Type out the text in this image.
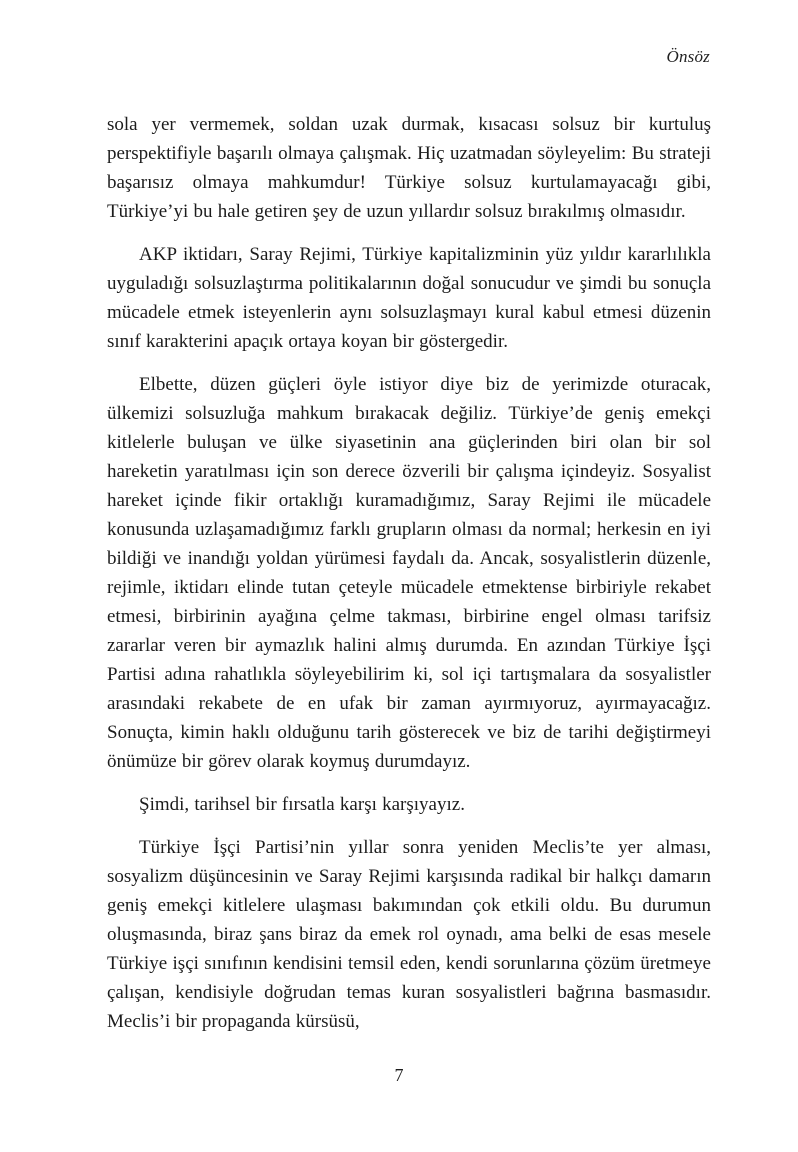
Önsöz

sola yer vermemek, soldan uzak durmak, kısacası solsuz bir kurtuluş perspektifiyle başarılı olmaya çalışmak. Hiç uzatmadan söyleyelim: Bu strateji başarısız olmaya mahkumdur! Türkiye solsuz kurtulamayacağı gibi, Türkiye’yi bu hale getiren şey de uzun yıllardır solsuz bırakılmış olmasıdır.

AKP iktidarı, Saray Rejimi, Türkiye kapitalizminin yüz yıldır kararlılıkla uyguladığı solsuzlaştırma politikalarının doğal sonucudur ve şimdi bu sonuçla mücadele etmek isteyenlerin aynı solsuzlaşmayı kural kabul etmesi düzenin sınıf karakterini apaçık ortaya koyan bir göstergedir.

Elbette, düzen güçleri öyle istiyor diye biz de yerimizde oturacak, ülkemizi solsuzluğa mahkum bırakacak değiliz. Türkiye’de geniş emekçi kitlelerle buluşan ve ülke siyasetinin ana güçlerinden biri olan bir sol hareketin yaratılması için son derece özverili bir çalışma içindeyiz. Sosyalist hareket içinde fikir ortaklığı kuramadığımız, Saray Rejimi ile mücadele konusunda uzlaşamadığımız farklı grupların olması da normal; herkesin en iyi bildiği ve inandığı yoldan yürümesi faydalı da. Ancak, sosyalistlerin düzenle, rejimle, iktidarı elinde tutan çeteyle mücadele etmektense birbiriyle rekabet etmesi, birbirinin ayağına çelme takması, birbirine engel olması tarifsiz zararlar veren bir aymazlık halini almış durumda. En azından Türkiye İşçi Partisi adına rahatlıkla söyleyebilirim ki, sol içi tartışmalara da sosyalistler arasındaki rekabete de en ufak bir zaman ayırmıyoruz, ayırmayacağız. Sonuçta, kimin haklı olduğunu tarih gösterecek ve biz de tarihi değiştirmeyi önümüze bir görev olarak koymuş durumdayız.

Şimdi, tarihsel bir fırsatla karşı karşıyayız.

Türkiye İşçi Partisi’nin yıllar sonra yeniden Meclis’te yer alması, sosyalizm düşüncesinin ve Saray Rejimi karşısında radikal bir halkçı damarın geniş emekçi kitlelere ulaşması bakımından çok etkili oldu. Bu durumun oluşmasında, biraz şans biraz da emek rol oynadı, ama belki de esas mesele Türkiye işçi sınıfının kendisini temsil eden, kendi sorunlarına çözüm üretmeye çalışan, kendisiyle doğrudan temas kuran sosyalistleri bağrına basmasıdır. Meclis’i bir propaganda kürsüsü,

7
